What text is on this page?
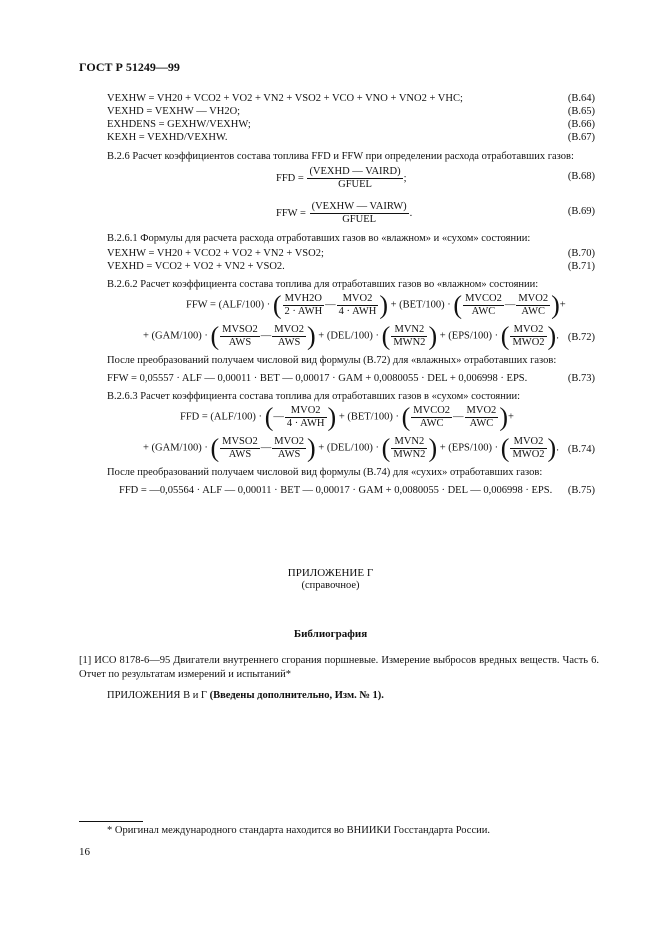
ГОСТ Р 51249—99
VEXHW = VH20 + VCO2 + VO2 + VN2 + VSO2 + VCO + VNO + VNO2 + VHC;	(В.64)
VEXHD = VEXHW — VH2O;	(В.65)
EXHDENS = GEXHW/VEXHW;	(В.66)
KEXH = VEXHD/VEXHW.	(В.67)
В.2.6 Расчет коэффициентов состава топлива FFD и FFW при определении расхода отработавших газов:
FFD = $\frac{\text{(VEXHD — VAIRD)}}{\text{GFUEL}}$ ;	(В.68)
FFW = $\frac{\text{(VEXHW — VAIRW)}}{\text{GFUEL}}$ .	(В.69)
В.2.6.1 Формулы для расчета расхода отработавших газов во «влажном» и «сухом» состоянии:
VEXHW = VH20 + VCO2 + VO2 + VN2 + VSO2;	(В.70)
VEXHD = VCO2 + VO2 + VN2 + VSO2.	(В.71)
В.2.6.2 Расчет коэффициента состава топлива для отработавших газов во «влажном» состоянии:
FFW = (ALF/100) · ( $\frac{\text{MVH2O}}{\text{2 · AWH}}$ — $\frac{\text{MVO2}}{\text{4 · AWH}}$ ) + (BET/100) · ( $\frac{\text{MVCO2}}{\text{AWC}}$ — $\frac{\text{MVO2}}{\text{AWC}}$ )+
+ (GAM/100) · ( $\frac{\text{MVSO2}}{\text{AWS}}$ — $\frac{\text{MVO2}}{\text{AWS}}$ ) + (DEL/100) · ( $\frac{\text{MVN2}}{\text{MWN2}}$ ) + (EPS/100) · ( $\frac{\text{MVO2}}{\text{MWO2}}$ ). (В.72)
После преобразований получаем числовой вид формулы (В.72) для «влажных» отработавших газов:
FFW = 0,05557 · ALF — 0,00011 · BET — 0,00017 · GAM + 0,0080055 · DEL + 0,006998 · EPS.	(В.73)
В.2.6.3 Расчет коэффициента состава топлива для отработавших газов в «сухом» состоянии:
FFD = (ALF/100) · (— $\frac{\text{MVO2}}{\text{4 · AWH}}$ ) + (BET/100) · ( $\frac{\text{MVCO2}}{\text{AWC}}$ — $\frac{\text{MVO2}}{\text{AWC}}$ )+
+ (GAM/100) · ( $\frac{\text{MVSO2}}{\text{AWS}}$ — $\frac{\text{MVO2}}{\text{AWS}}$ ) + (DEL/100) · ( $\frac{\text{MVN2}}{\text{MWN2}}$ ) + (EPS/100) · ( $\frac{\text{MVO2}}{\text{MWO2}}$ ). (В.74)
После преобразований получаем числовой вид формулы (В.74) для «сухих» отработавших газов:
FFD = —0,05564 · ALF — 0,00011 · BET — 0,00017 · GAM + 0,0080055 · DEL — 0,006998 · EPS. (В.75)
ПРИЛОЖЕНИЕ Г
(справочное)
Библиография
[1] ИСО 8178-6—95 Двигатели внутреннего сгорания поршневые. Измерение выбросов вредных веществ. Часть 6. Отчет по результатам измерений и испытаний*
ПРИЛОЖЕНИЯ В и Г (Введены дополнительно, Изм. № 1).
* Оригинал международного стандарта находится во ВНИИКИ Госстандарта России.
16
